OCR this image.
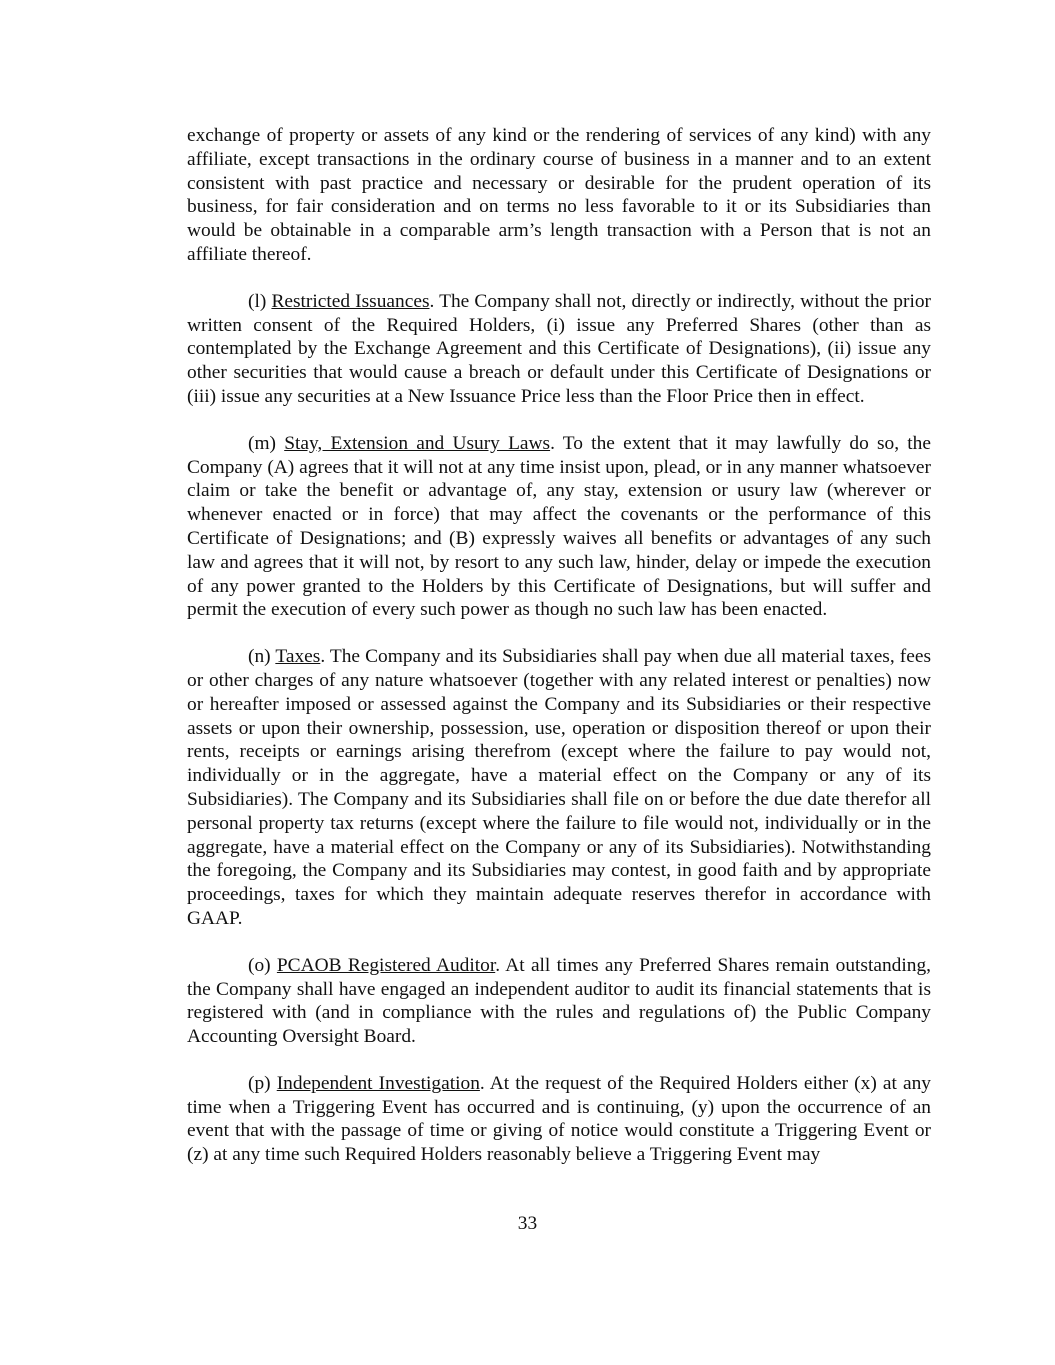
exchange of property or assets of any kind or the rendering of services of any kind) with any affiliate, except transactions in the ordinary course of business in a manner and to an extent consistent with past practice and necessary or desirable for the prudent operation of its business, for fair consideration and on terms no less favorable to it or its Subsidiaries than would be obtainable in a comparable arm’s length transaction with a Person that is not an affiliate thereof.

(l) Restricted Issuances. The Company shall not, directly or indirectly, without the prior written consent of the Required Holders, (i) issue any Preferred Shares (other than as contemplated by the Exchange Agreement and this Certificate of Designations), (ii) issue any other securities that would cause a breach or default under this Certificate of Designations or (iii) issue any securities at a New Issuance Price less than the Floor Price then in effect.

(m) Stay, Extension and Usury Laws. To the extent that it may lawfully do so, the Company (A) agrees that it will not at any time insist upon, plead, or in any manner whatsoever claim or take the benefit or advantage of, any stay, extension or usury law (wherever or whenever enacted or in force) that may affect the covenants or the performance of this Certificate of Designations; and (B) expressly waives all benefits or advantages of any such law and agrees that it will not, by resort to any such law, hinder, delay or impede the execution of any power granted to the Holders by this Certificate of Designations, but will suffer and permit the execution of every such power as though no such law has been enacted.

(n) Taxes. The Company and its Subsidiaries shall pay when due all material taxes, fees or other charges of any nature whatsoever (together with any related interest or penalties) now or hereafter imposed or assessed against the Company and its Subsidiaries or their respective assets or upon their ownership, possession, use, operation or disposition thereof or upon their rents, receipts or earnings arising therefrom (except where the failure to pay would not, individually or in the aggregate, have a material effect on the Company or any of its Subsidiaries). The Company and its Subsidiaries shall file on or before the due date therefor all personal property tax returns (except where the failure to file would not, individually or in the aggregate, have a material effect on the Company or any of its Subsidiaries). Notwithstanding the foregoing, the Company and its Subsidiaries may contest, in good faith and by appropriate proceedings, taxes for which they maintain adequate reserves therefor in accordance with GAAP.

(o) PCAOB Registered Auditor. At all times any Preferred Shares remain outstanding, the Company shall have engaged an independent auditor to audit its financial statements that is registered with (and in compliance with the rules and regulations of) the Public Company Accounting Oversight Board.

(p) Independent Investigation. At the request of the Required Holders either (x) at any time when a Triggering Event has occurred and is continuing, (y) upon the occurrence of an event that with the passage of time or giving of notice would constitute a Triggering Event or (z) at any time such Required Holders reasonably believe a Triggering Event may

33
